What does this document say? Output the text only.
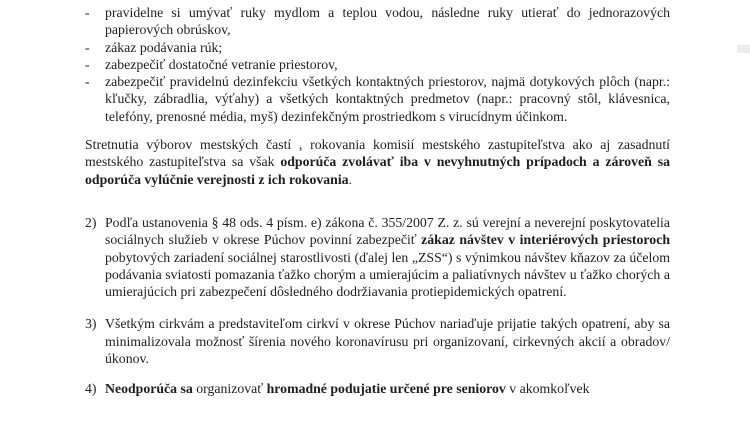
-	pravidelne si umývať ruky mydlom a teplou vodou, následne ruky utierať do jednorazových papierových obrúskov,
-	zákaz podávania rúk;
-	zabezpečiť dostatočné vetranie priestorov,
-	zabezpečiť pravidelnú dezinfekciu všetkých kontaktných priestorov, najmä dotykových plôch (napr.: kľučky, zábradlia, výťahy) a všetkých kontaktných predmetov (napr.: pracovný stôl, klávesnica, telefóny, prenosné média, myš) dezinfekčným prostriedkom s virucídnym účinkom.
Stretnutia výborov mestských častí , rokovania komisií mestského zastupiteľstva ako aj zasadnutí mestského zastupiteľstva sa však odporúča zvolávať iba v nevyhnutných prípadoch a zároveň sa odporúča vylúčnie verejnosti z ich rokovania.
2) Podľa ustanovenia § 48 ods. 4 písm. e) zákona č. 355/2007 Z. z. sú verejní a neverejní poskytovatelia sociálnych služieb v okrese Púchov povinní zabezpečiť zákaz návštev v interiérových priestoroch pobytových zariadení sociálnej starostlivosti (ďalej len „ZSS“) s výnimkou návštev kňazov za účelom podávania sviatosti pomazania ťažko chorým a umierajúcim a paliatívnych návštev u ťažko chorých a umierajúcich pri zabezpečení dôsledného dodržiavania protiepidemických opatrení.
3) Všetkým cirkvám a predstaviteľom cirkví v okrese Púchov nariaďuje prijatie takých opatrení, aby sa minimalizovala možnosť šírenia nového koronavírusu pri organizovaní, cirkevných akcií a obradov/úkonov.
4) Neodporúča sa organizovať hromadné podujatie určené pre seniorov v akomkoľvek
